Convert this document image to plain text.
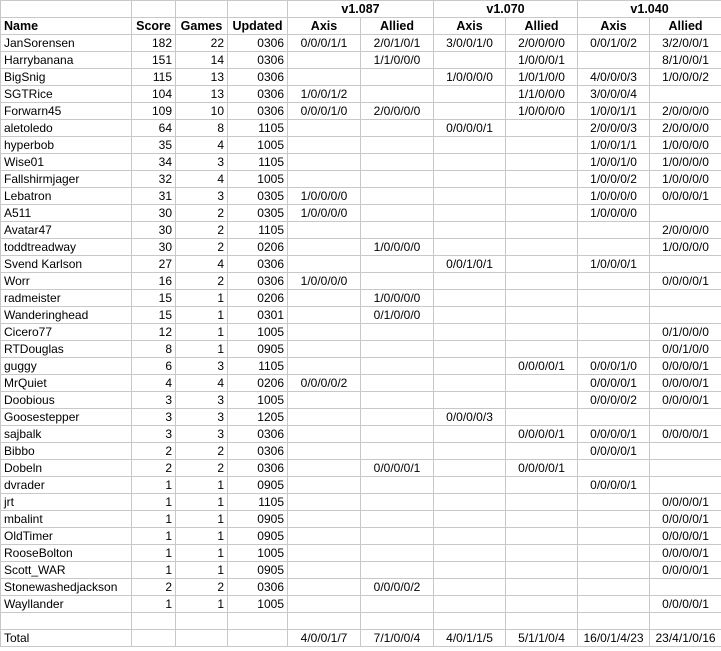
				v1.087		v1.070		v1.040	
Name	Score	Games	Updated	Axis	Allied	Axis	Allied	Axis	Allied
JanSorensen	182	22	0306	0/0/0/1/1	2/0/1/0/1	3/0/0/1/0	2/0/0/0/0	0/0/1/0/2	3/2/0/0/1
Harrybanana	151	14	0306		1/1/0/0/0		1/0/0/0/1		8/1/0/0/1
BigSnig	115	13	0306			1/0/0/0/0	1/0/1/0/0	4/0/0/0/3	1/0/0/0/2
SGTRice	104	13	0306	1/0/0/1/2			1/1/0/0/0	3/0/0/0/4	
Forwarn45	109	10	0306	0/0/0/1/0	2/0/0/0/0		1/0/0/0/0	1/0/0/1/1	2/0/0/0/0
aletoledo	64	8	1105			0/0/0/0/1		2/0/0/0/3	2/0/0/0/0
hyperbob	35	4	1005					1/0/0/1/1	1/0/0/0/0
Wise01	34	3	1105					1/0/0/1/0	1/0/0/0/0
Fallshirmjager	32	4	1005					1/0/0/0/2	1/0/0/0/0
Lebatron	31	3	0305	1/0/0/0/0				1/0/0/0/0	0/0/0/0/1
A511	30	2	0305	1/0/0/0/0				1/0/0/0/0	
Avatar47	30	2	1105						2/0/0/0/0
toddtreadway	30	2	0206		1/0/0/0/0				1/0/0/0/0
Svend Karlson	27	4	0306			0/0/1/0/1		1/0/0/0/1	
Worr	16	2	0306	1/0/0/0/0					0/0/0/0/1
radmeister	15	1	0206		1/0/0/0/0				
Wanderinghead	15	1	0301		0/1/0/0/0				
Cicero77	12	1	1005						0/1/0/0/0
RTDouglas	8	1	0905						0/0/1/0/0
guggy	6	3	1105				0/0/0/0/1	0/0/0/1/0	0/0/0/0/1
MrQuiet	4	4	0206	0/0/0/0/2				0/0/0/0/1	0/0/0/0/1
Doobious	3	3	1005					0/0/0/0/2	0/0/0/0/1
Goosestepper	3	3	1205			0/0/0/0/3			
sajbalk	3	3	0306				0/0/0/0/1	0/0/0/0/1	0/0/0/0/1
Bibbo	2	2	0306					0/0/0/0/1	
Dobeln	2	2	0306		0/0/0/0/1		0/0/0/0/1		
dvrader	1	1	0905					0/0/0/0/1	
jrt	1	1	1105						0/0/0/0/1
mbalint	1	1	0905						0/0/0/0/1
OldTimer	1	1	0905						0/0/0/0/1
RooseBolton	1	1	1005						0/0/0/0/1
Scott_WAR	1	1	0905						0/0/0/0/1
Stonewashedjackson	2	2	0306		0/0/0/0/2				
Wayllander	1	1	1005						0/0/0/0/1

Total				4/0/0/1/7	7/1/0/0/4	4/0/1/1/5	5/1/1/0/4	16/0/1/4/23	23/4/1/0/16
